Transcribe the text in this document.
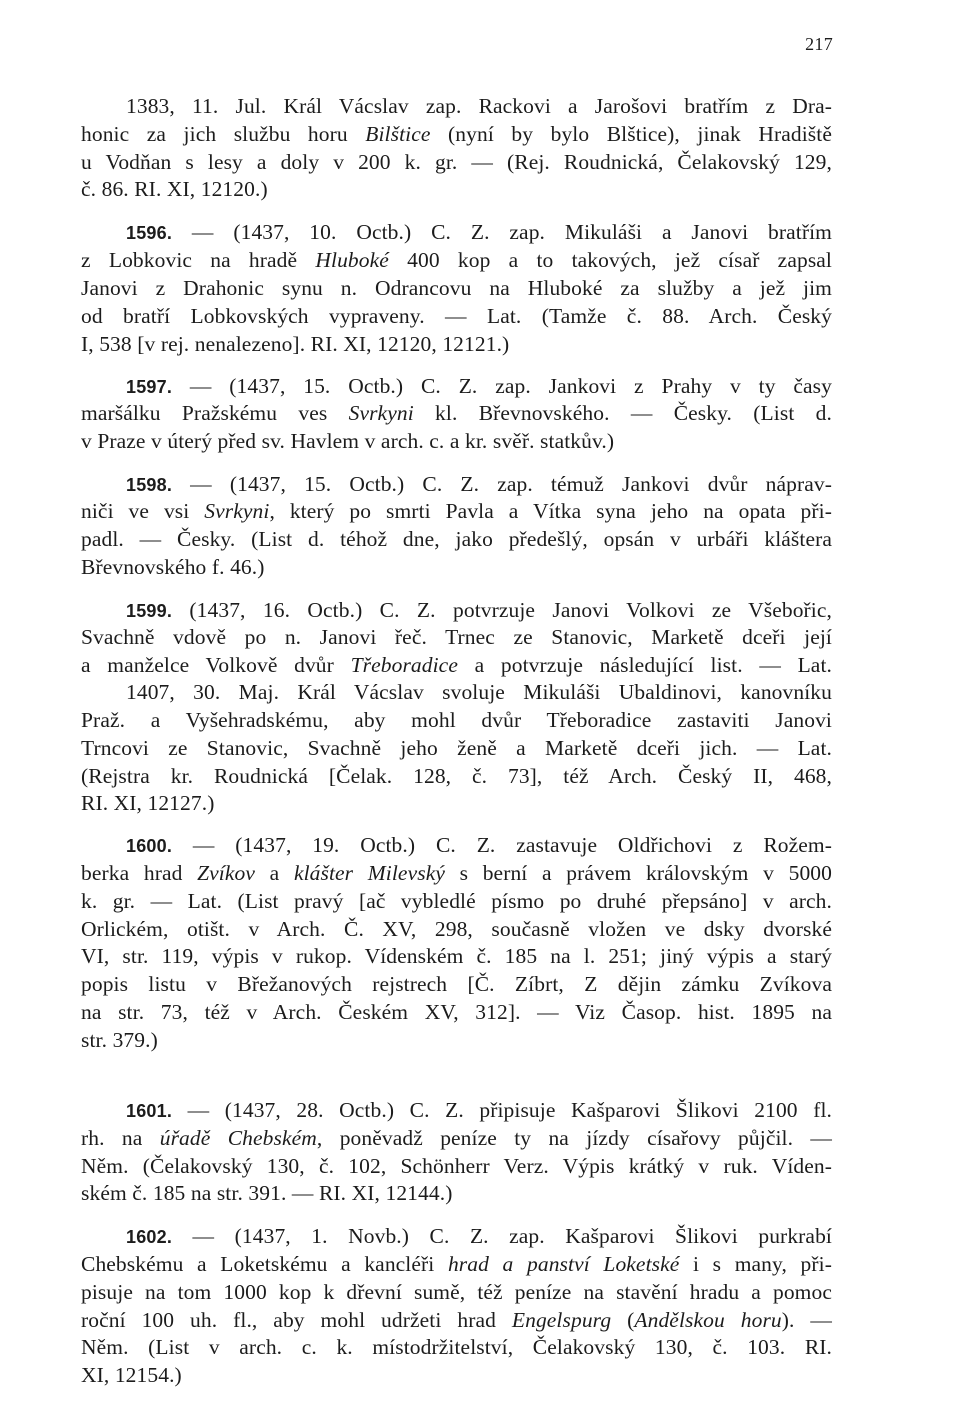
217
1383, 11. Jul. Král Vácslav zap. Rackovi a Jarošovi bratřím z Dra-
honic za jich službu horu Bilštice (nyní by bylo Blštice), jinak Hradiště
u Vodňan s lesy a doly v 200 k. gr. — (Rej. Roudnická, Čelakovský 129,
č. 86. RI. XI, 12120.)
1596. — (1437, 10. Octb.) C. Z. zap. Mikuláši a Janovi bratřím
z Lobkovic na hradě Hluboké 400 kop a to takových, jež císař zapsal
Janovi z Drahonic synu n. Odrancovu na Hluboké za služby a jež jim
od bratří Lobkovských vypraveny. — Lat. (Tamže č. 88. Arch. Český
I, 538 [v rej. nenalezeno]. RI. XI, 12120, 12121.)
1597. — (1437, 15. Octb.) C. Z. zap. Jankovi z Prahy v ty časy
maršálku Pražskému ves Svrkyni kl. Břevnovského. — Česky. (List d.
v Praze v úterý před sv. Havlem v arch. c. a kr. svěř. statkův.)
1598. — (1437, 15. Octb.) C. Z. zap. témuž Jankovi dvůr náprav-
niči ve vsi Svrkyni, který po smrti Pavla a Vítka syna jeho na opata při-
padl. — Česky. (List d. téhož dne, jako předešlý, opsán v urbáři kláštera
Břevnovského f. 46.)
1599. (1437, 16. Octb.) C. Z. potvrzuje Janovi Volkovi ze Všebořic,
Svachně vdově po n. Janovi řeč. Trnec ze Stanovic, Marketě dceři její
a manželce Volkově dvůr Třeboradice a potvrzuje následující list. — Lat.
1407, 30. Maj. Král Vácslav svoluje Mikuláši Ubaldinovi, kanovníku
Praž. a Vyšehradskému, aby mohl dvůr Třeboradice zastaviti Janovi
Trncovi ze Stanovic, Svachně jeho ženě a Marketě dceři jich. — Lat.
(Rejstra kr. Roudnická [Čelak. 128, č. 73], též Arch. Český II, 468,
RI. XI, 12127.)
1600. — (1437, 19. Octb.) C. Z. zastavuje Oldřichovi z Rožem-
berka hrad Zvíkov a klášter Milevský s berní a právem královským v 5000
k. gr. — Lat. (List pravý [ač vybledlé písmo po druhé přepsáno] v arch.
Orlickém, otišt. v Arch. Č. XV, 298, současně vložen ve dsky dvorské
VI, str. 119, výpis v rukop. Vídenském č. 185 na l. 251; jiný výpis a starý
popis listu v Břežanových rejstrech [Č. Zíbrt, Z dějin zámku Zvíkova
na str. 73, též v Arch. Českém XV, 312]. — Viz Časop. hist. 1895 na
str. 379.)
1601. — (1437, 28. Octb.) C. Z. připisuje Kašparovi Šlikovi 2100 fl.
rh. na úřadě Chebském, poněvadž peníze ty na jízdy císařovy půjčil. —
Něm. (Čelakovský 130, č. 102, Schönherr Verz. Výpis krátký v ruk. Víden-
ském č. 185 na str. 391. — RI. XI, 12144.)
1602. — (1437, 1. Novb.) C. Z. zap. Kašparovi Šlikovi purkrabí
Chebskému a Loketskému a kancléři hrad a panství Loketské i s many, při-
pisuje na tom 1000 kop k dřevní sumě, též peníze na stavění hradu a pomoc
roční 100 uh. fl., aby mohl udržeti hrad Engelspurg (Andělskou horu). —
Něm. (List v arch. c. k. místodržitelství, Čelakovský 130, č. 103. RI.
XI, 12154.)
